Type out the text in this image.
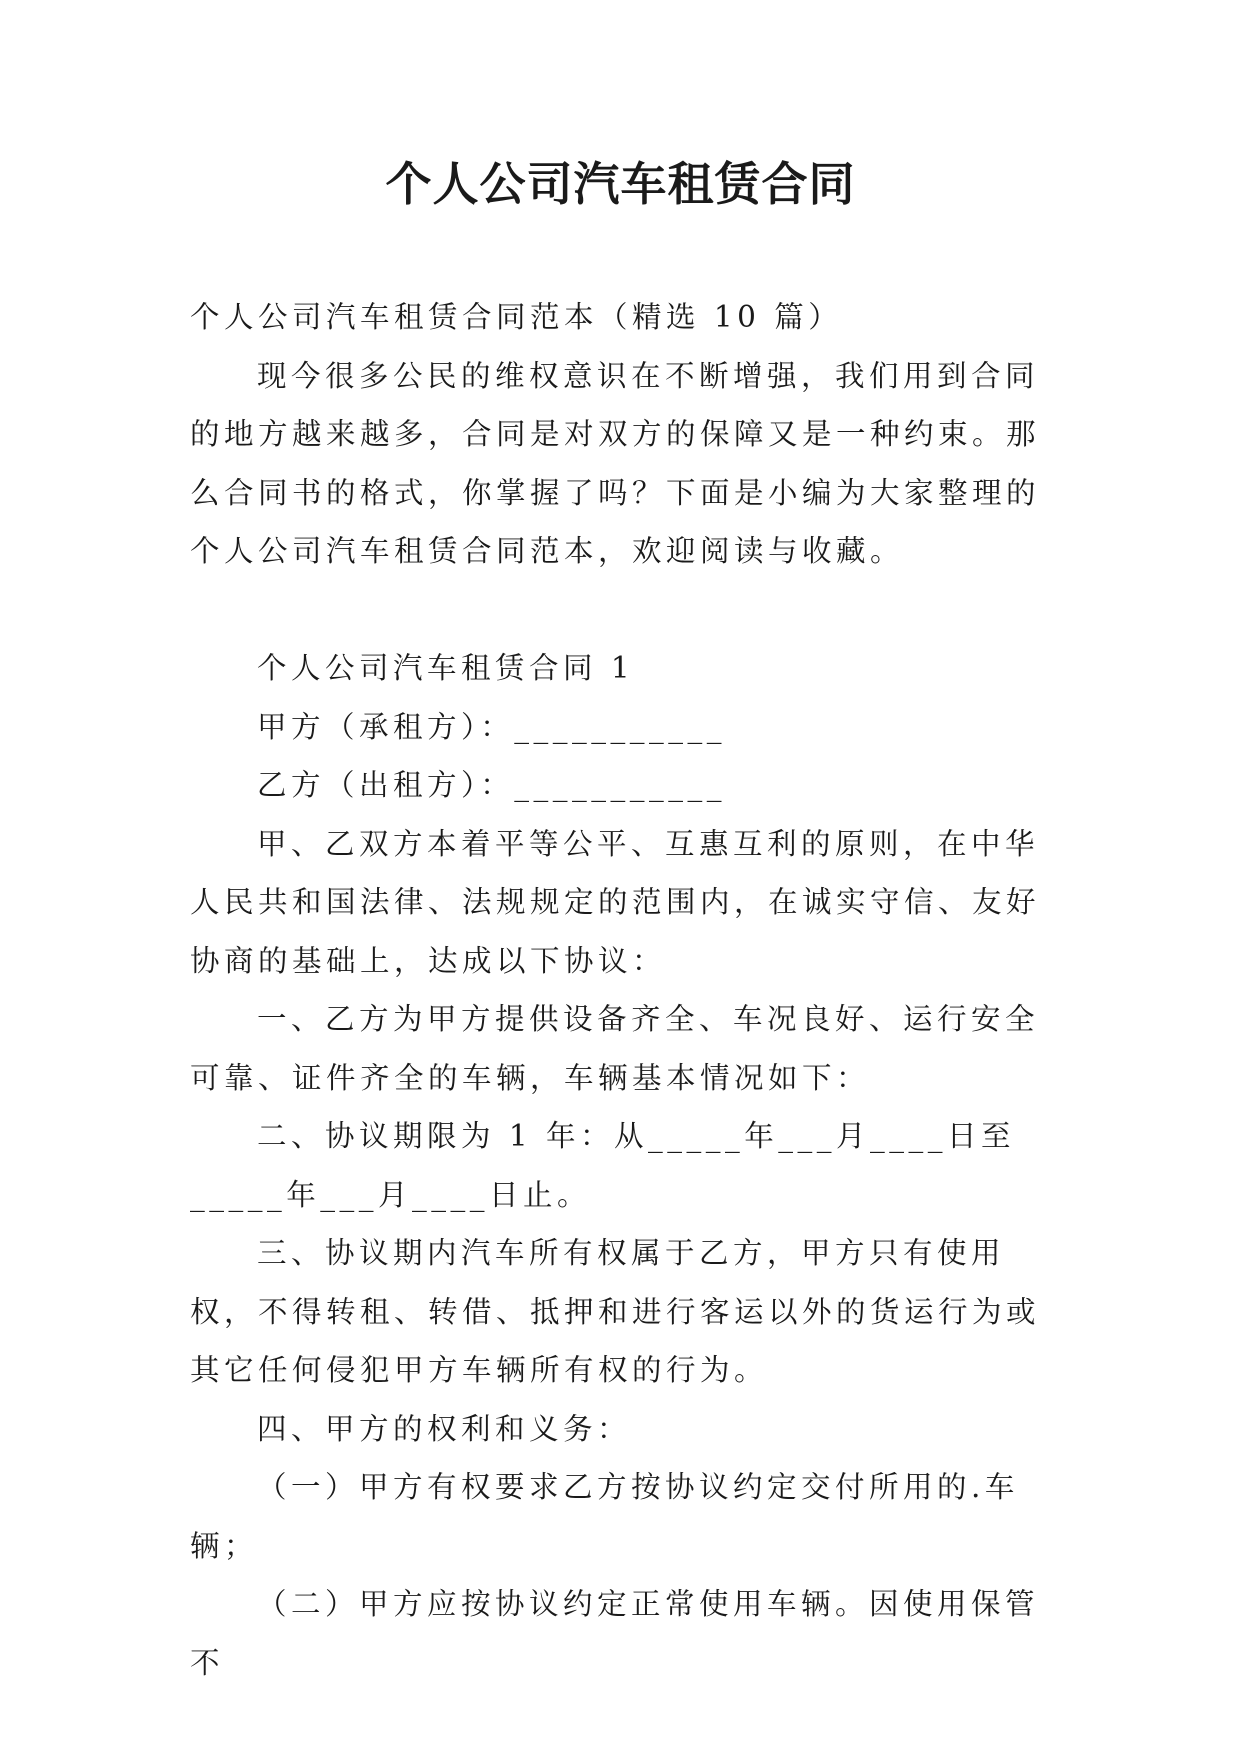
个人公司汽车租赁合同

个人公司汽车租赁合同范本（精选 10 篇）

现今很多公民的维权意识在不断增强，我们用到合同的地方越来越多，合同是对双方的保障又是一种约束。那么合同书的格式，你掌握了吗？下面是小编为大家整理的个人公司汽车租赁合同范本，欢迎阅读与收藏。

个人公司汽车租赁合同 1

甲方（承租方）：___________

乙方（出租方）：___________

甲、乙双方本着平等公平、互惠互利的原则，在中华人民共和国法律、法规规定的范围内，在诚实守信、友好协商的基础上，达成以下协议：

一、乙方为甲方提供设备齐全、车况良好、运行安全可靠、证件齐全的车辆，车辆基本情况如下：

二、协议期限为 1 年：从_____年___月____日至_____年___月____日止。

三、协议期内汽车所有权属于乙方，甲方只有使用权，不得转租、转借、抵押和进行客运以外的货运行为或其它任何侵犯甲方车辆所有权的行为。

四、甲方的权利和义务：

（一）甲方有权要求乙方按协议约定交付所用的.车辆；

（二）甲方应按协议约定正常使用车辆。因使用保管不
